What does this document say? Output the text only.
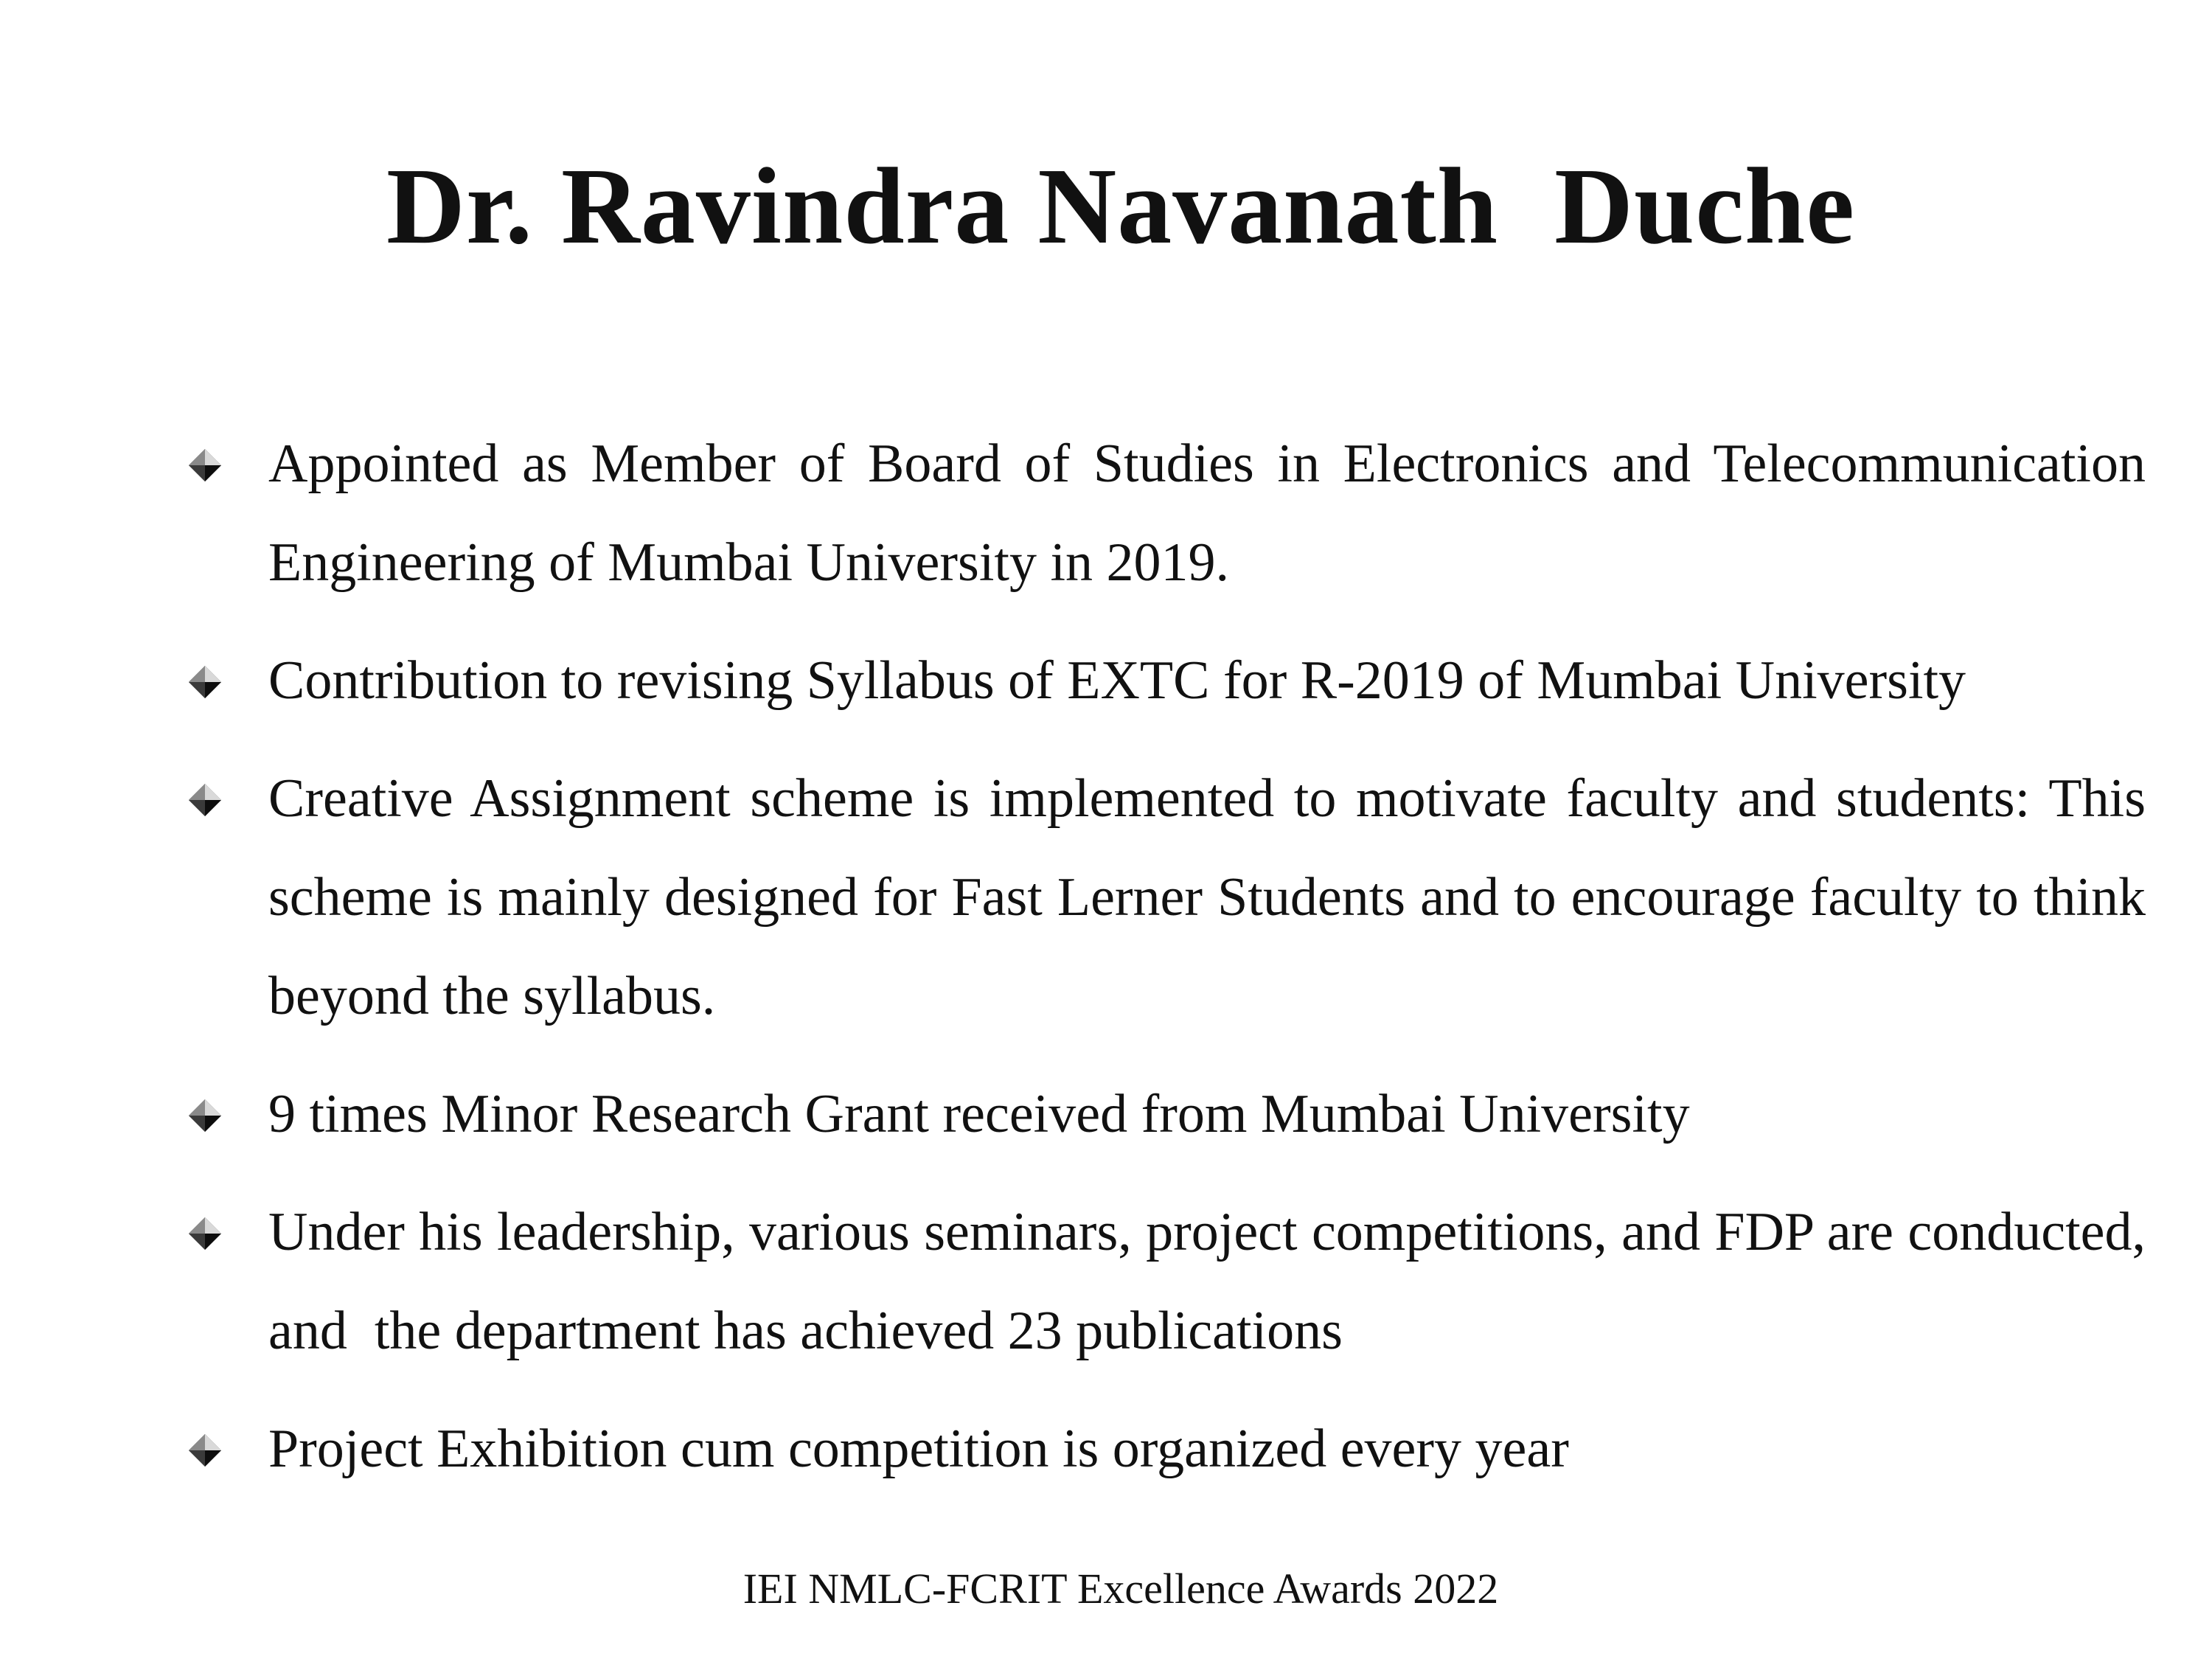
Dr. Ravindra Navanath  Duche
Appointed as Member of Board of Studies in Electronics and Telecommunication Engineering of Mumbai University in 2019.
Contribution to revising Syllabus of EXTC for R-2019 of Mumbai University
Creative Assignment scheme is implemented to motivate faculty and students: This scheme is mainly designed for Fast Lerner Students and to encourage faculty to think beyond the syllabus.
9 times Minor Research Grant received from Mumbai University
Under his leadership, various seminars, project competitions, and FDP are conducted, and  the department has achieved 23 publications
Project Exhibition cum competition is organized every year
IEI NMLC-FCRIT Excellence Awards 2022
